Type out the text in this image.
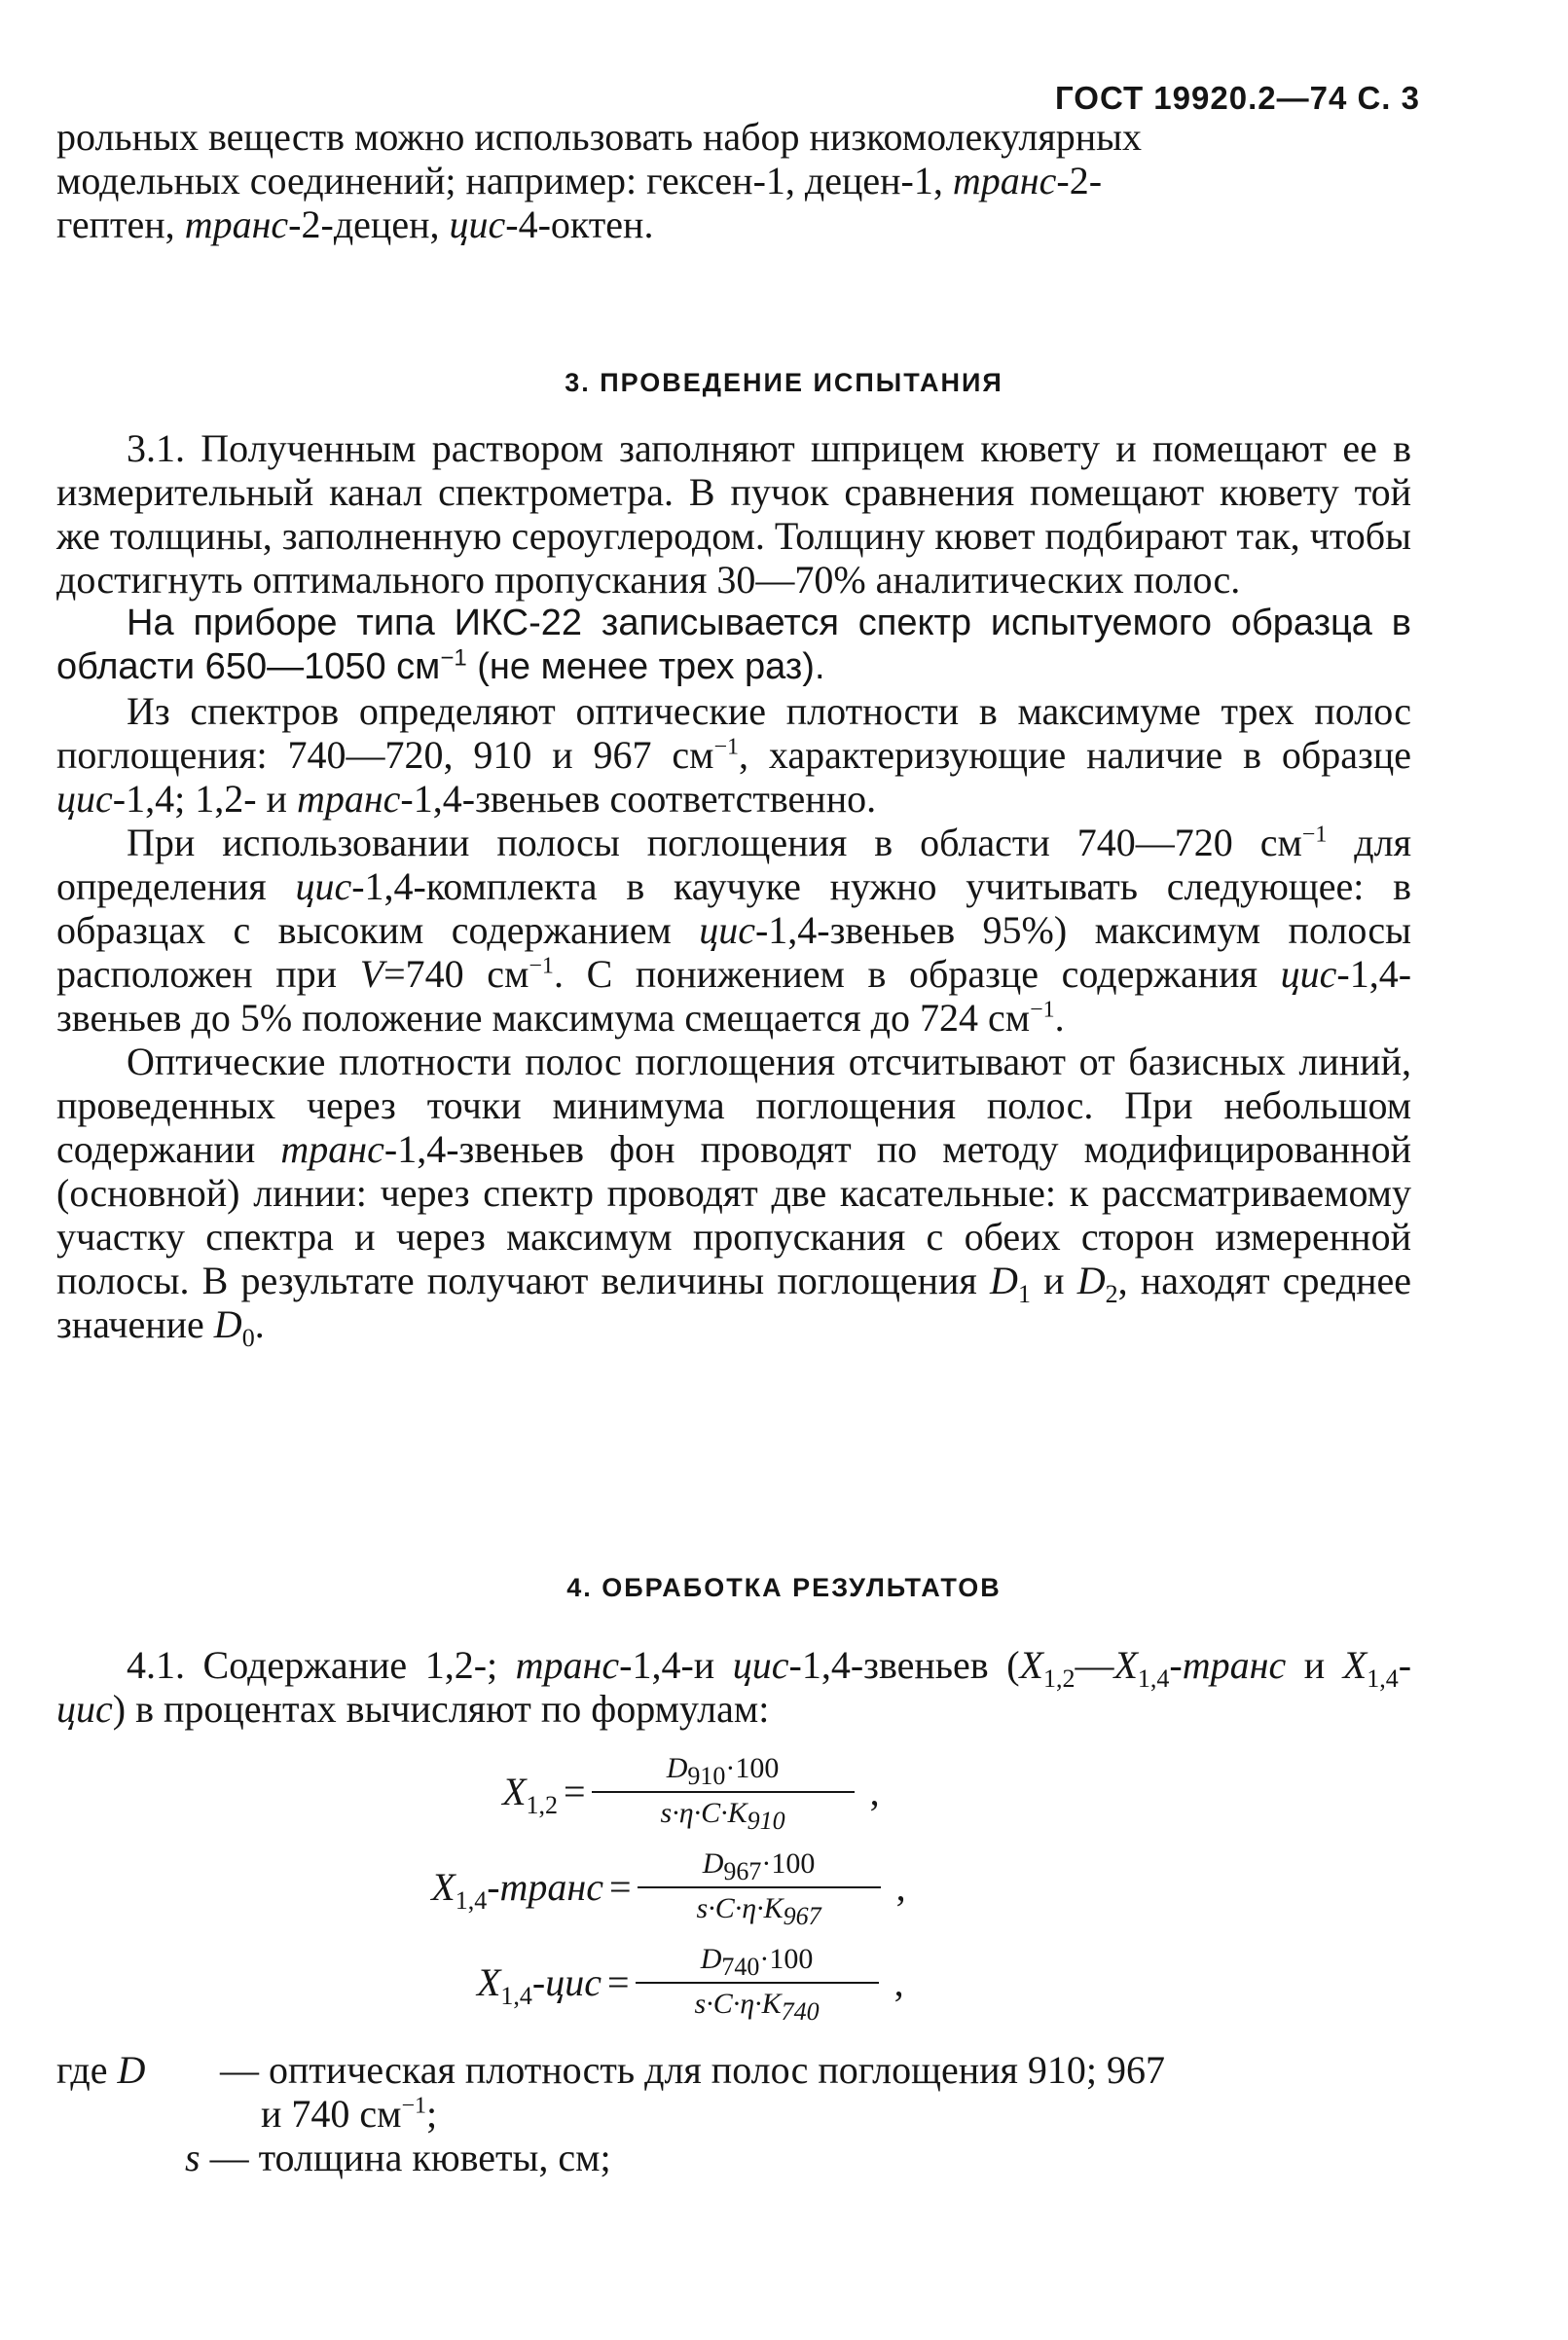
ГОСТ 19920.2—74 С. 3

рольных веществ можно использовать набор низкомолекулярных

модельных соединений; например: гексен-1, децен-1, транс-2-

гептен, транс-2-децен, цис-4-октен.

3. ПРОВЕДЕНИЕ ИСПЫТАНИЯ

3.1. Полученным раствором заполняют шприцем кювету и помещают ее в измерительный канал спектрометра. В пучок сравнения помещают кювету той же толщины, заполненную сероуглеродом. Толщину кювет подбирают так, чтобы достигнуть оптимального пропускания 30—70% аналитических полос.

На приборе типа ИКС-22 записывается спектр испытуемого образца в области 650—1050 $см^{-1}$ (не менее трех раз).

Из спектров определяют оптические плотности в максимуме трех полос поглощения: 740—720, 910 и 967 $см^{-1}$, характеризующие наличие в образце цис-1,4; 1,2- и транс-1,4-звеньев соответственно.

При использовании полосы поглощения в области 740—720 $см^{-1}$ для определения цис-1,4-комплекта в каучуке нужно учитывать следующее: в образцах с высоким содержанием цис-1,4-звеньев 95%) максимум полосы расположен при V=740 $см^{-1}$. С понижением в образце содержания цис-1,4-звеньев до 5% положение максимума смещается до 724 $см^{-1}$.

Оптические плотности полос поглощения отсчитывают от базисных линий, проведенных через точки минимума поглощения полос. При небольшом содержании транс-1,4-звеньев фон проводят по методу модифицированной (основной) линии: через спектр проводят две касательные: к рассматриваемому участку спектра и через максимум пропускания с обеих сторон измеренной полосы. В результате получают величины поглощения $D_1$ и $D_2$, находят среднее значение $D_0$.

4. ОБРАБОТКА РЕЗУЛЬТАТОВ

4.1. Содержание 1,2-; транс-1,4-и цис-1,4-звеньев ($X_{1,2}—X_{1,4}$-транс и $X_{1,4}-цис$) в процентах вычисляют по формулам:

$X_{1,2} = \frac{D_{910}\cdot 100}{s\cdot\eta\cdot C\cdot K_{910}}$ ,
$X_{1,4}$-транс = $\frac{D_{967}\cdot 100}{s\cdot C\cdot\eta\cdot K_{967}}$ ,
$X_{1,4}$-цис = $\frac{D_{740}\cdot 100}{s\cdot C\cdot\eta\cdot K_{740}}$ ,
где D — оптическая плотность для полос поглощения 910; 967
и 740 $см^{-1}$;
s — толщина кюветы, см;
